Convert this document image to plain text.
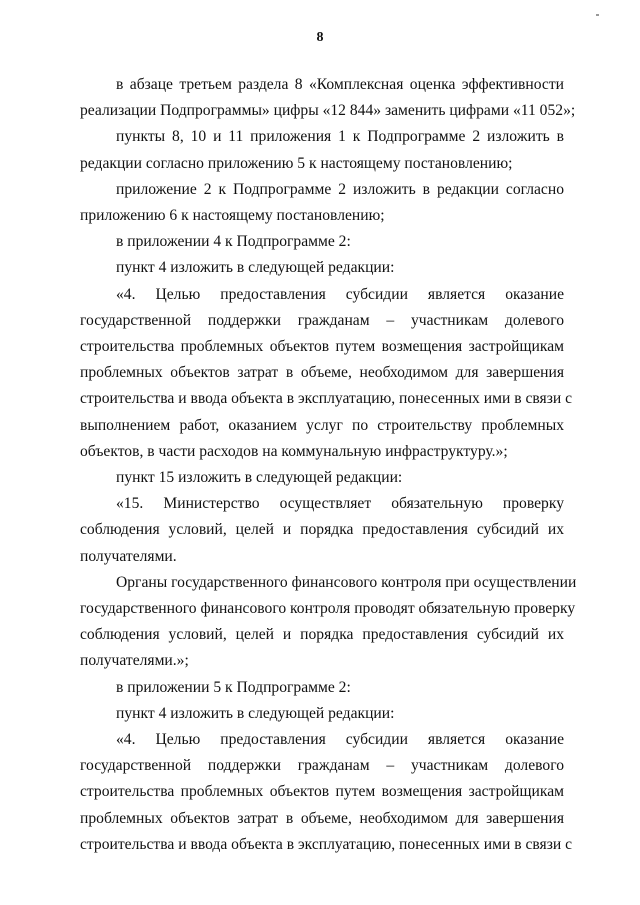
8
в абзаце третьем раздела 8 «Комплексная оценка эффективности
реализации Подпрограммы» цифры «12 844» заменить цифрами «11 052»;
пункты 8, 10 и 11 приложения 1 к Подпрограмме 2 изложить в
редакции согласно приложению 5 к настоящему постановлению;
приложение 2 к Подпрограмме 2 изложить в редакции согласно
приложению 6 к настоящему постановлению;
в приложении 4 к Подпрограмме 2:
пункт 4 изложить в следующей редакции:
«4. Целью предоставления субсидии является оказание
государственной поддержки гражданам – участникам долевого
строительства проблемных объектов путем возмещения застройщикам
проблемных объектов затрат в объеме, необходимом для завершения
строительства и ввода объекта в эксплуатацию, понесенных ими в связи с
выполнением работ, оказанием услуг по строительству проблемных
объектов, в части расходов на коммунальную инфраструктуру.»;
пункт 15 изложить в следующей редакции:
«15. Министерство осуществляет обязательную проверку
соблюдения условий, целей и порядка предоставления субсидий их
получателями.
Органы государственного финансового контроля при осуществлении
государственного финансового контроля проводят обязательную проверку
соблюдения условий, целей и порядка предоставления субсидий их
получателями.»;
в приложении 5 к Подпрограмме 2:
пункт 4 изложить в следующей редакции:
«4. Целью предоставления субсидии является оказание
государственной поддержки гражданам – участникам долевого
строительства проблемных объектов путем возмещения застройщикам
проблемных объектов затрат в объеме, необходимом для завершения
строительства и ввода объекта в эксплуатацию, понесенных ими в связи с
